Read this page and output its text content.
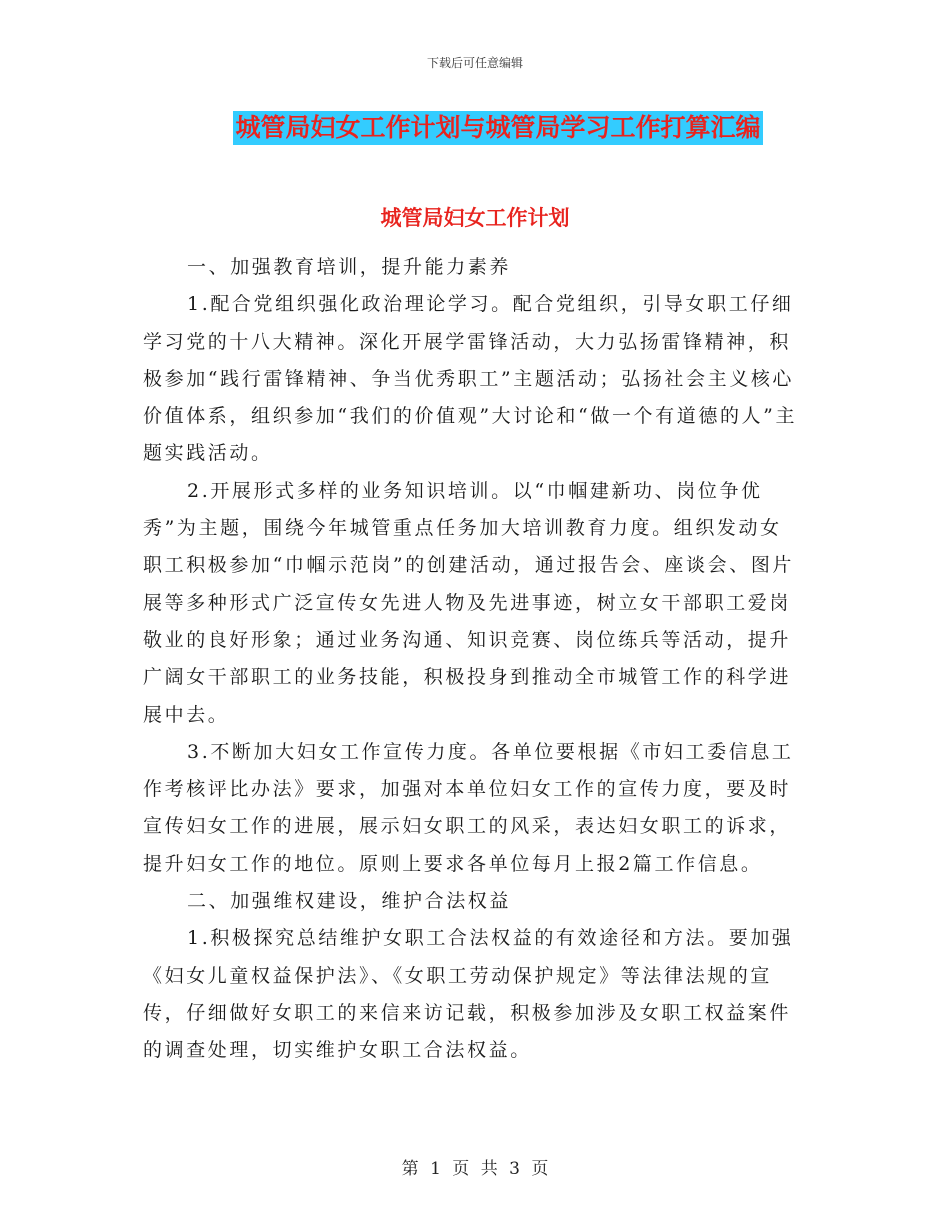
下载后可任意编辑
城管局妇女工作计划与城管局学习工作打算汇编
城管局妇女工作计划

一、加强教育培训，提升能力素养

1.配合党组织强化政治理论学习。配合党组织，引导女职工仔细学习党的十八大精神。深化开展学雷锋活动，大力弘扬雷锋精神，积极参加“践行雷锋精神、争当优秀职工”主题活动；弘扬社会主义核心价值体系，组织参加“我们的价值观”大讨论和“做一个有道德的人”主题实践活动。

2.开展形式多样的业务知识培训。以“巾帼建新功、岗位争优秀”为主题，围绕今年城管重点任务加大培训教育力度。组织发动女职工积极参加“巾帼示范岗”的创建活动，通过报告会、座谈会、图片展等多种形式广泛宣传女先进人物及先进事迹，树立女干部职工爱岗敬业的良好形象；通过业务沟通、知识竞赛、岗位练兵等活动，提升广阔女干部职工的业务技能，积极投身到推动全市城管工作的科学进展中去。

3.不断加大妇女工作宣传力度。各单位要根据《市妇工委信息工作考核评比办法》要求，加强对本单位妇女工作的宣传力度，要及时宣传妇女工作的进展，展示妇女职工的风采，表达妇女职工的诉求，提升妇女工作的地位。原则上要求各单位每月上报2篇工作信息。

二、加强维权建设，维护合法权益

1.积极探究总结维护女职工合法权益的有效途径和方法。要加强《妇女儿童权益保护法》、《女职工劳动保护规定》等法律法规的宣传，仔细做好女职工的来信来访记载，积极参加涉及女职工权益案件的调查处理，切实维护女职工合法权益。

第 1 页 共 3 页
